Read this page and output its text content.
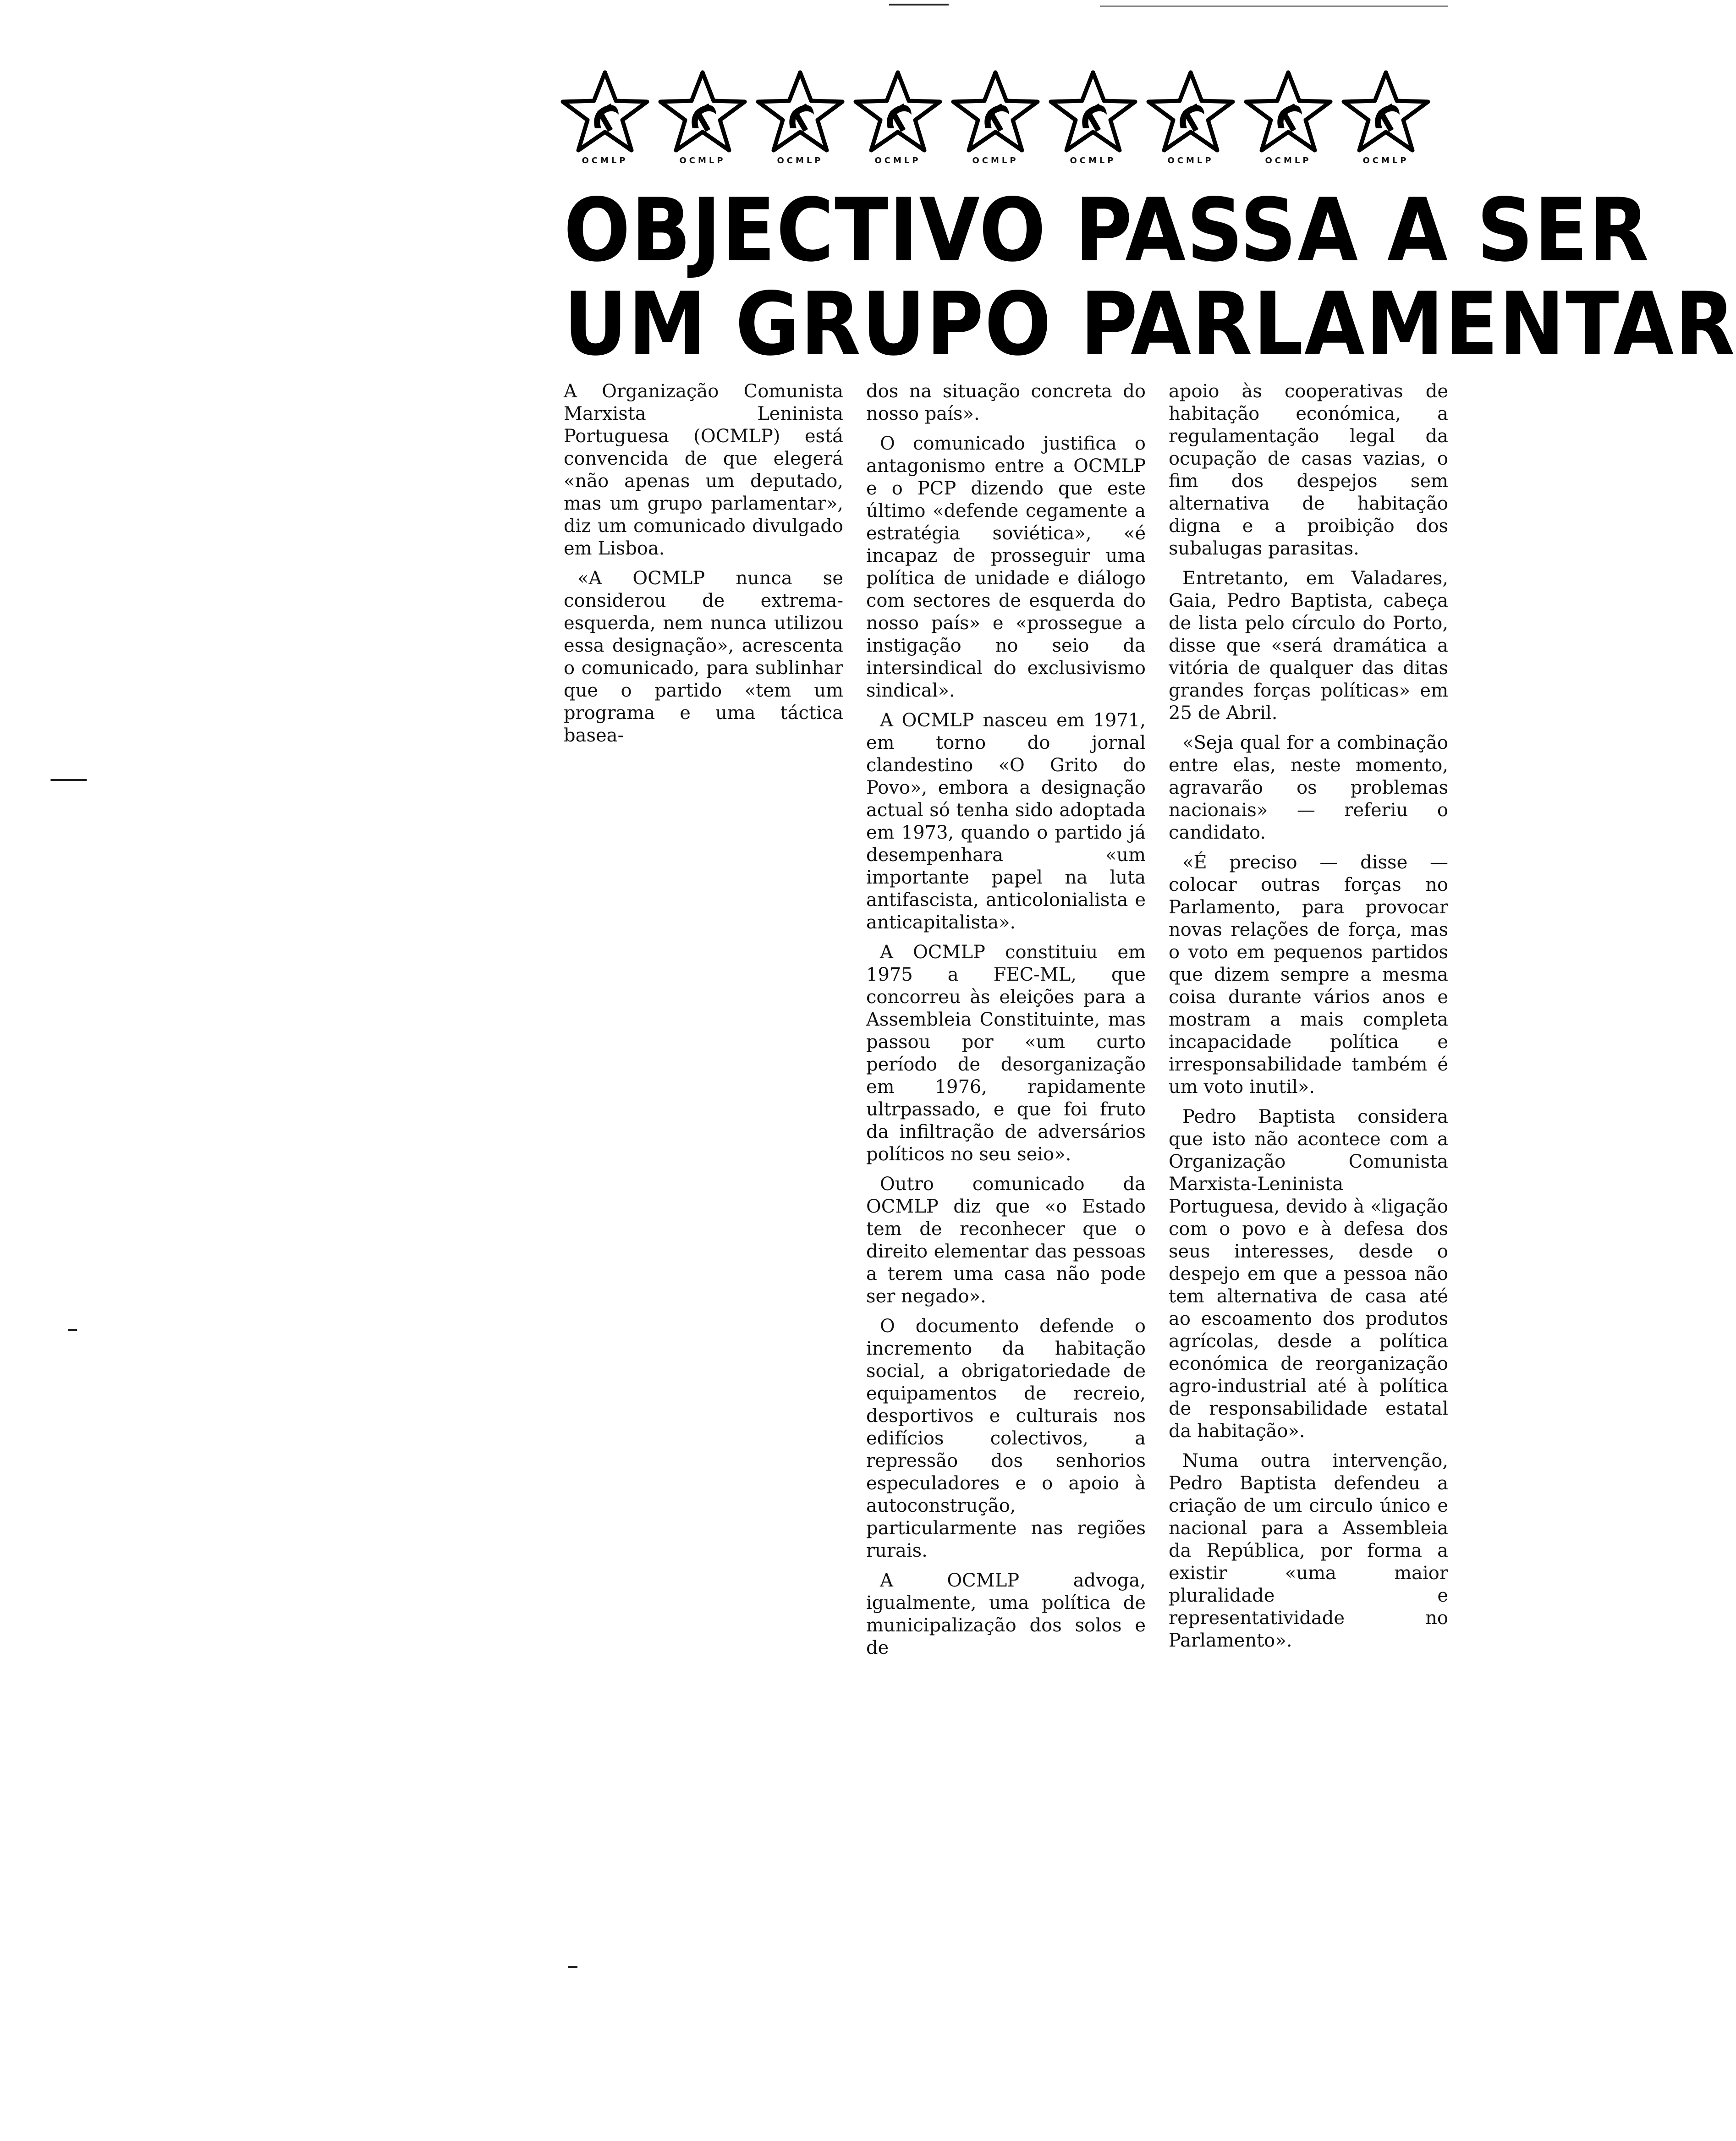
OCMLP	OCMLP	OCMLP	OCMLP	OCMLP	OCMLP	OCMLP	OCMLP	OCMLP
OBJECTIVO PASSA A SER
UM GRUPO PARLAMENTAR

A Organização Comunista Marxista Leninista Portuguesa (OCMLP) está convencida de que elegerá «não apenas um deputado, mas um grupo parlamentar», diz um comunicado divulgado em Lisboa.

«A OCMLP nunca se considerou de extrema-esquerda, nem nunca utilizou essa designação», acrescenta o comunicado, para sublinhar que o partido «tem um programa e uma táctica basea-

dos na situação concreta do nosso país».

O comunicado justifica o antagonismo entre a OCMLP e o PCP dizendo que este último «defende cegamente a estratégia soviética», «é incapaz de prosseguir uma política de unidade e diálogo com sectores de esquerda do nosso país» e «prossegue a instigação no seio da intersindical do exclusivismo sindical».

A OCMLP nasceu em 1971, em torno do jornal clandestino «O Grito do Povo», embora a designação actual só tenha sido adoptada em 1973, quando o partido já desempenhara «um importante papel na luta antifascista, anticolonialista e anticapitalista».

A OCMLP constituiu em 1975 a FEC-ML, que concorreu às eleições para a Assembleia Constituinte, mas passou por «um curto período de desorganização em 1976, rapidamente ultrpassado, e que foi fruto da infiltração de adversários políticos no seu seio».

Outro comunicado da OCMLP diz que «o Estado tem de reconhecer que o direito elementar das pessoas a terem uma casa não pode ser negado».

O documento defende o incremento da habitação social, a obrigatoriedade de equipamentos de recreio, desportivos e culturais nos edifícios colectivos, a repressão dos senhorios especuladores e o apoio à autoconstrução, particularmente nas regiões rurais.

A OCMLP advoga, igualmente, uma política de municipalização dos solos e de

apoio às cooperativas de habitação económica, a regulamentação legal da ocupação de casas vazias, o fim dos despejos sem alternativa de habitação digna e a proibição dos subalugas parasitas.

Entretanto, em Valadares, Gaia, Pedro Baptista, cabeça de lista pelo círculo do Porto, disse que «será dramática a vitória de qualquer das ditas grandes forças políticas» em 25 de Abril.

«Seja qual for a combinação entre elas, neste momento, agravarão os problemas nacionais» — referiu o candidato.

«É preciso — disse — colocar outras forças no Parlamento, para provocar novas relações de força, mas o voto em pequenos partidos que dizem sempre a mesma coisa durante vários anos e mostram a mais completa incapacidade política e irresponsabilidade também é um voto inutil».

Pedro Baptista considera que isto não acontece com a Organização Comunista Marxista-Leninista Portuguesa, devido à «ligação com o povo e à defesa dos seus interesses, desde o despejo em que a pessoa não tem alternativa de casa até ao escoamento dos produtos agrícolas, desde a política económica de reorganização agro-industrial até à política de responsabilidade estatal da habitação».

Numa outra intervenção, Pedro Baptista defendeu a criação de um circulo único e nacional para a Assembleia da República, por forma a existir «uma maior pluralidade e representatividade no Parlamento».
